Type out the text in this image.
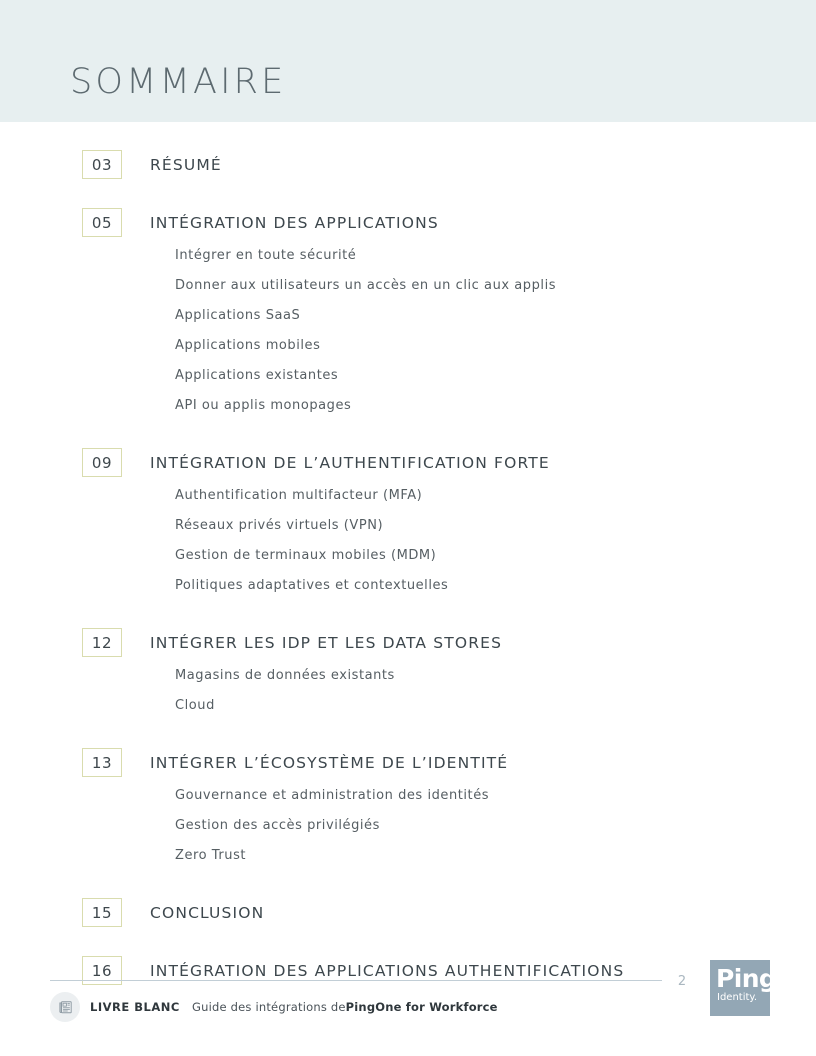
SOMMAIRE
03	RÉSUMÉ
05	INTÉGRATION DES APPLICATIONS
Intégrer en toute sécurité
Donner aux utilisateurs un accès en un clic aux applis
Applications SaaS
Applications mobiles
Applications existantes
API ou applis monopages
09	INTÉGRATION DE L’AUTHENTIFICATION FORTE
Authentification multifacteur (MFA)
Réseaux privés virtuels (VPN)
Gestion de terminaux mobiles (MDM)
Politiques adaptatives et contextuelles
12	INTÉGRER LES IDP ET LES DATA STORES
Magasins de données existants
Cloud
13	INTÉGRER L’ÉCOSYSTÈME DE L’IDENTITÉ
Gouvernance et administration des identités
Gestion des accès privilégiés
Zero Trust
15	CONCLUSION
16	INTÉGRATION DES APPLICATIONS AUTHENTIFICATIONS
LIVRE BLANC Guide des intégrations de PingOne for Workforce
2 Ping
Identity.
